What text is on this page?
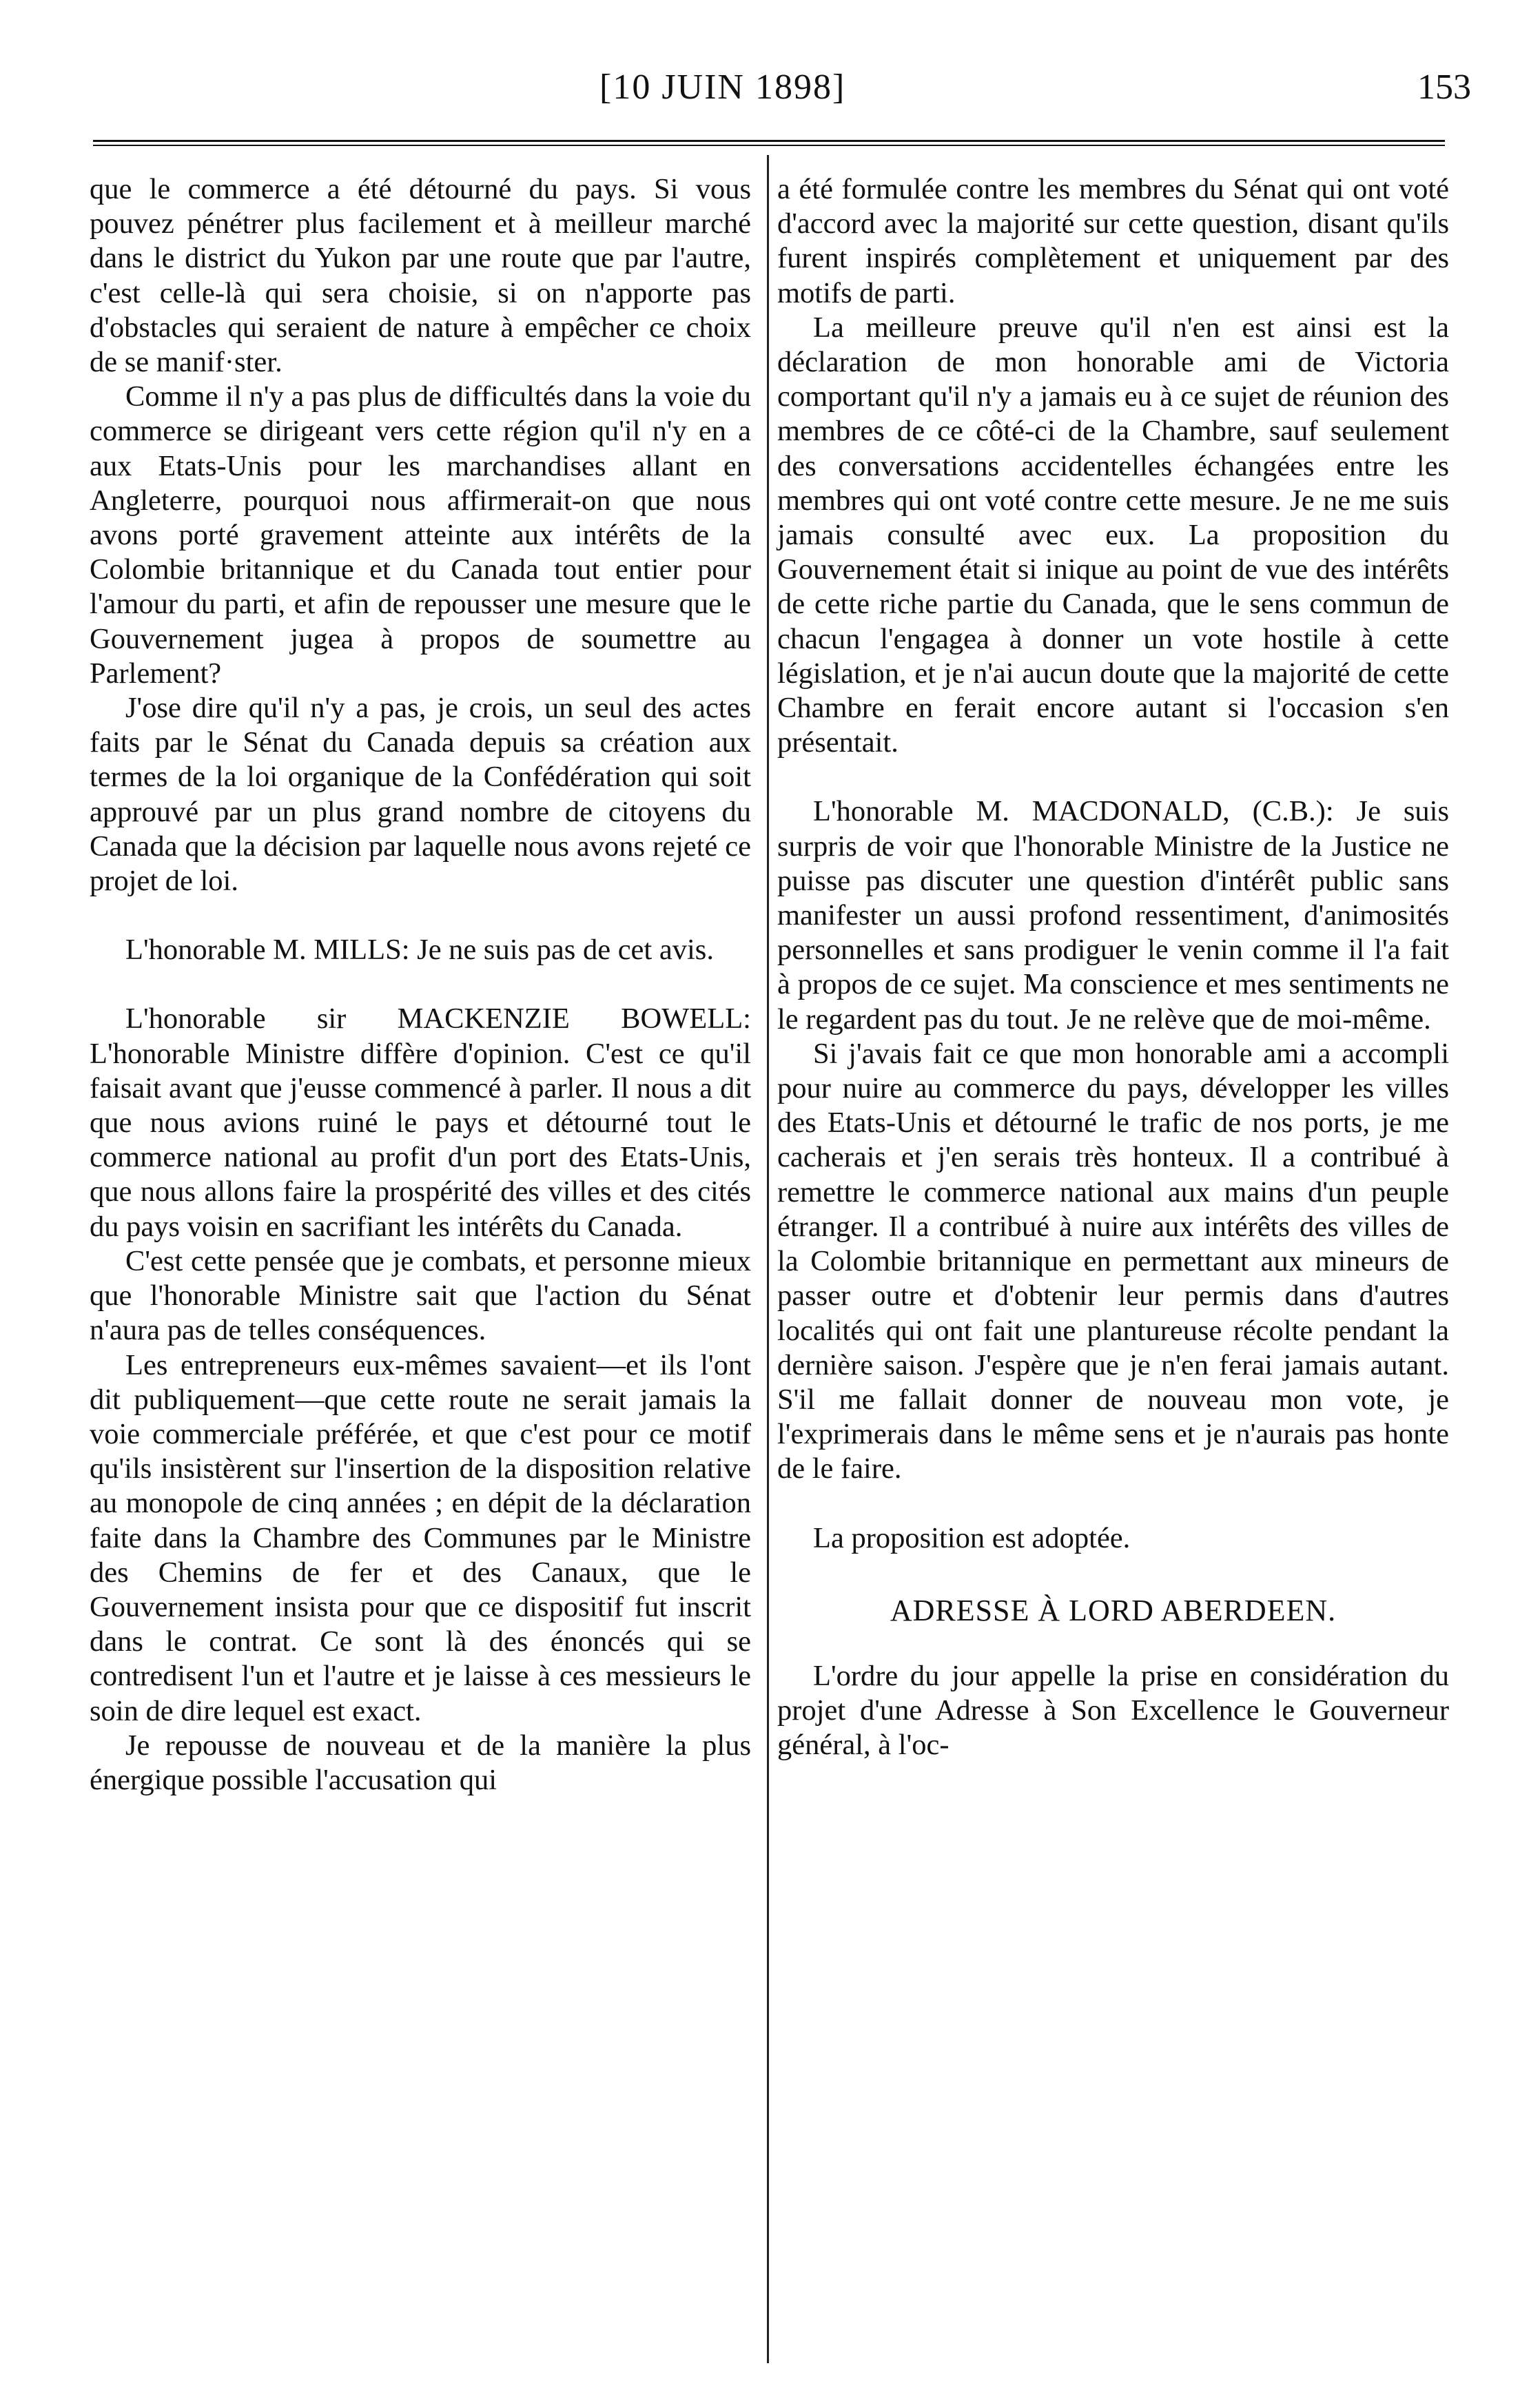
[10 JUIN 1898]	153

que le commerce a été détourné du pays. Si vous pouvez pénétrer plus facilement et à meilleur marché dans le district du Yukon par une route que par l'autre, c'est celle-là qui sera choisie, si on n'apporte pas d'obstacles qui seraient de nature à empêcher ce choix de se manif·ster.

Comme il n'y a pas plus de difficultés dans la voie du commerce se dirigeant vers cette région qu'il n'y en a aux Etats-Unis pour les marchandises allant en Angleterre, pourquoi nous affirmerait-on que nous avons porté gravement atteinte aux intérêts de la Colombie britannique et du Canada tout entier pour l'amour du parti, et afin de repousser une mesure que le Gouvernement jugea à propos de soumettre au Parlement?

J'ose dire qu'il n'y a pas, je crois, un seul des actes faits par le Sénat du Canada depuis sa création aux termes de la loi organique de la Confédération qui soit approuvé par un plus grand nombre de citoyens du Canada que la décision par laquelle nous avons rejeté ce projet de loi.

L'honorable M. MILLS: Je ne suis pas de cet avis.

L'honorable sir MACKENZIE BOWELL: L'honorable Ministre diffère d'opinion. C'est ce qu'il faisait avant que j'eusse commencé à parler. Il nous a dit que nous avions ruiné le pays et détourné tout le commerce national au profit d'un port des Etats-Unis, que nous allons faire la prospérité des villes et des cités du pays voisin en sacrifiant les intérêts du Canada.

C'est cette pensée que je combats, et personne mieux que l'honorable Ministre sait que l'action du Sénat n'aura pas de telles conséquences.

Les entrepreneurs eux-mêmes savaient—et ils l'ont dit publiquement—que cette route ne serait jamais la voie commerciale préférée, et que c'est pour ce motif qu'ils insistèrent sur l'insertion de la disposition relative au monopole de cinq années ; en dépit de la déclaration faite dans la Chambre des Communes par le Ministre des Chemins de fer et des Canaux, que le Gouvernement insista pour que ce dispositif fut inscrit dans le contrat. Ce sont là des énoncés qui se contredisent l'un et l'autre et je laisse à ces messieurs le soin de dire lequel est exact.

Je repousse de nouveau et de la manière la plus énergique possible l'accusation qui

a été formulée contre les membres du Sénat qui ont voté d'accord avec la majorité sur cette question, disant qu'ils furent inspirés complètement et uniquement par des motifs de parti.

La meilleure preuve qu'il n'en est ainsi est la déclaration de mon honorable ami de Victoria comportant qu'il n'y a jamais eu à ce sujet de réunion des membres de ce côté-ci de la Chambre, sauf seulement des conversations accidentelles échangées entre les membres qui ont voté contre cette mesure. Je ne me suis jamais consulté avec eux. La proposition du Gouvernement était si inique au point de vue des intérêts de cette riche partie du Canada, que le sens commun de chacun l'engagea à donner un vote hostile à cette législation, et je n'ai aucun doute que la majorité de cette Chambre en ferait encore autant si l'occasion s'en présentait.

L'honorable M. MACDONALD, (C.B.): Je suis surpris de voir que l'honorable Ministre de la Justice ne puisse pas discuter une question d'intérêt public sans manifester un aussi profond ressentiment, d'animosités personnelles et sans prodiguer le venin comme il l'a fait à propos de ce sujet. Ma conscience et mes sentiments ne le regardent pas du tout. Je ne relève que de moi-même.

Si j'avais fait ce que mon honorable ami a accompli pour nuire au commerce du pays, développer les villes des Etats-Unis et détourné le trafic de nos ports, je me cacherais et j'en serais très honteux. Il a contribué à remettre le commerce national aux mains d'un peuple étranger. Il a contribué à nuire aux intérêts des villes de la Colombie britannique en permettant aux mineurs de passer outre et d'obtenir leur permis dans d'autres localités qui ont fait une plantureuse récolte pendant la dernière saison. J'espère que je n'en ferai jamais autant. S'il me fallait donner de nouveau mon vote, je l'exprimerais dans le même sens et je n'aurais pas honte de le faire.

La proposition est adoptée.

ADRESSE À LORD ABERDEEN.

L'ordre du jour appelle la prise en considération du projet d'une Adresse à Son Excellence le Gouverneur général, à l'oc-
